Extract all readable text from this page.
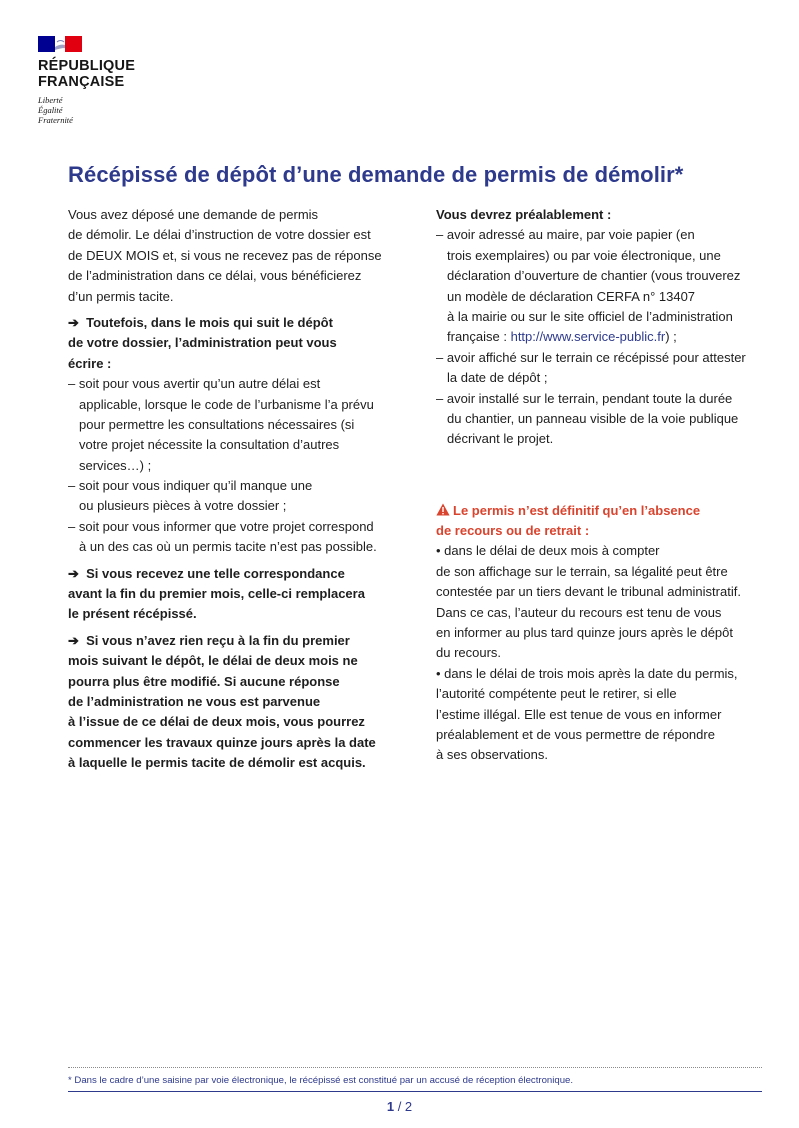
RÉPUBLIQUE
FRANÇAISE
Liberté
Égalité
Fraternité
Récépissé de dépôt d’une demande de permis de démolir*
Vous avez déposé une demande de permis
de démolir. Le délai d’instruction de votre dossier est
de DEUX MOIS et, si vous ne recevez pas de réponse
de l’administration dans ce délai, vous bénéficierez
d’un permis tacite.
➔ Toutefois, dans le mois qui suit le dépôt
de votre dossier, l’administration peut vous
écrire :
– soit pour vous avertir qu’un autre délai est
applicable, lorsque le code de l’urbanisme l’a prévu
pour permettre les consultations nécessaires (si
votre projet nécessite la consultation d’autres
services…) ;
– soit pour vous indiquer qu’il manque une
ou plusieurs pièces à votre dossier ;
– soit pour vous informer que votre projet correspond
à un des cas où un permis tacite n’est pas possible.
➔ Si vous recevez une telle correspondance
avant la fin du premier mois, celle-ci remplacera
le présent récépissé.
➔ Si vous n’avez rien reçu à la fin du premier
mois suivant le dépôt, le délai de deux mois ne
pourra plus être modifié. Si aucune réponse
de l’administration ne vous est parvenue
à l’issue de ce délai de deux mois, vous pourrez
commencer les travaux quinze jours après la date
à laquelle le permis tacite de démolir est acquis.
Vous devrez préalablement :
– avoir adressé au maire, par voie papier (en
trois exemplaires) ou par voie électronique, une
déclaration d’ouverture de chantier (vous trouverez
un modèle de déclaration CERFA n° 13407
à la mairie ou sur le site officiel de l’administration
française : http://www.service-public.fr) ;
– avoir affiché sur le terrain ce récépissé pour attester
la date de dépôt ;
– avoir installé sur le terrain, pendant toute la durée
du chantier, un panneau visible de la voie publique
décrivant le projet.
Le permis n’est définitif qu’en l’absence
de recours ou de retrait :
• dans le délai de deux mois à compter
de son affichage sur le terrain, sa légalité peut être
contestée par un tiers devant le tribunal administratif.
Dans ce cas, l’auteur du recours est tenu de vous
en informer au plus tard quinze jours après le dépôt
du recours.
• dans le délai de trois mois après la date du permis,
l’autorité compétente peut le retirer, si elle
l’estime illégal. Elle est tenue de vous en informer
préalablement et de vous permettre de répondre
à ses observations.
* Dans le cadre d’une saisine par voie électronique, le récépissé est constitué par un accusé de réception électronique.
1 / 2
